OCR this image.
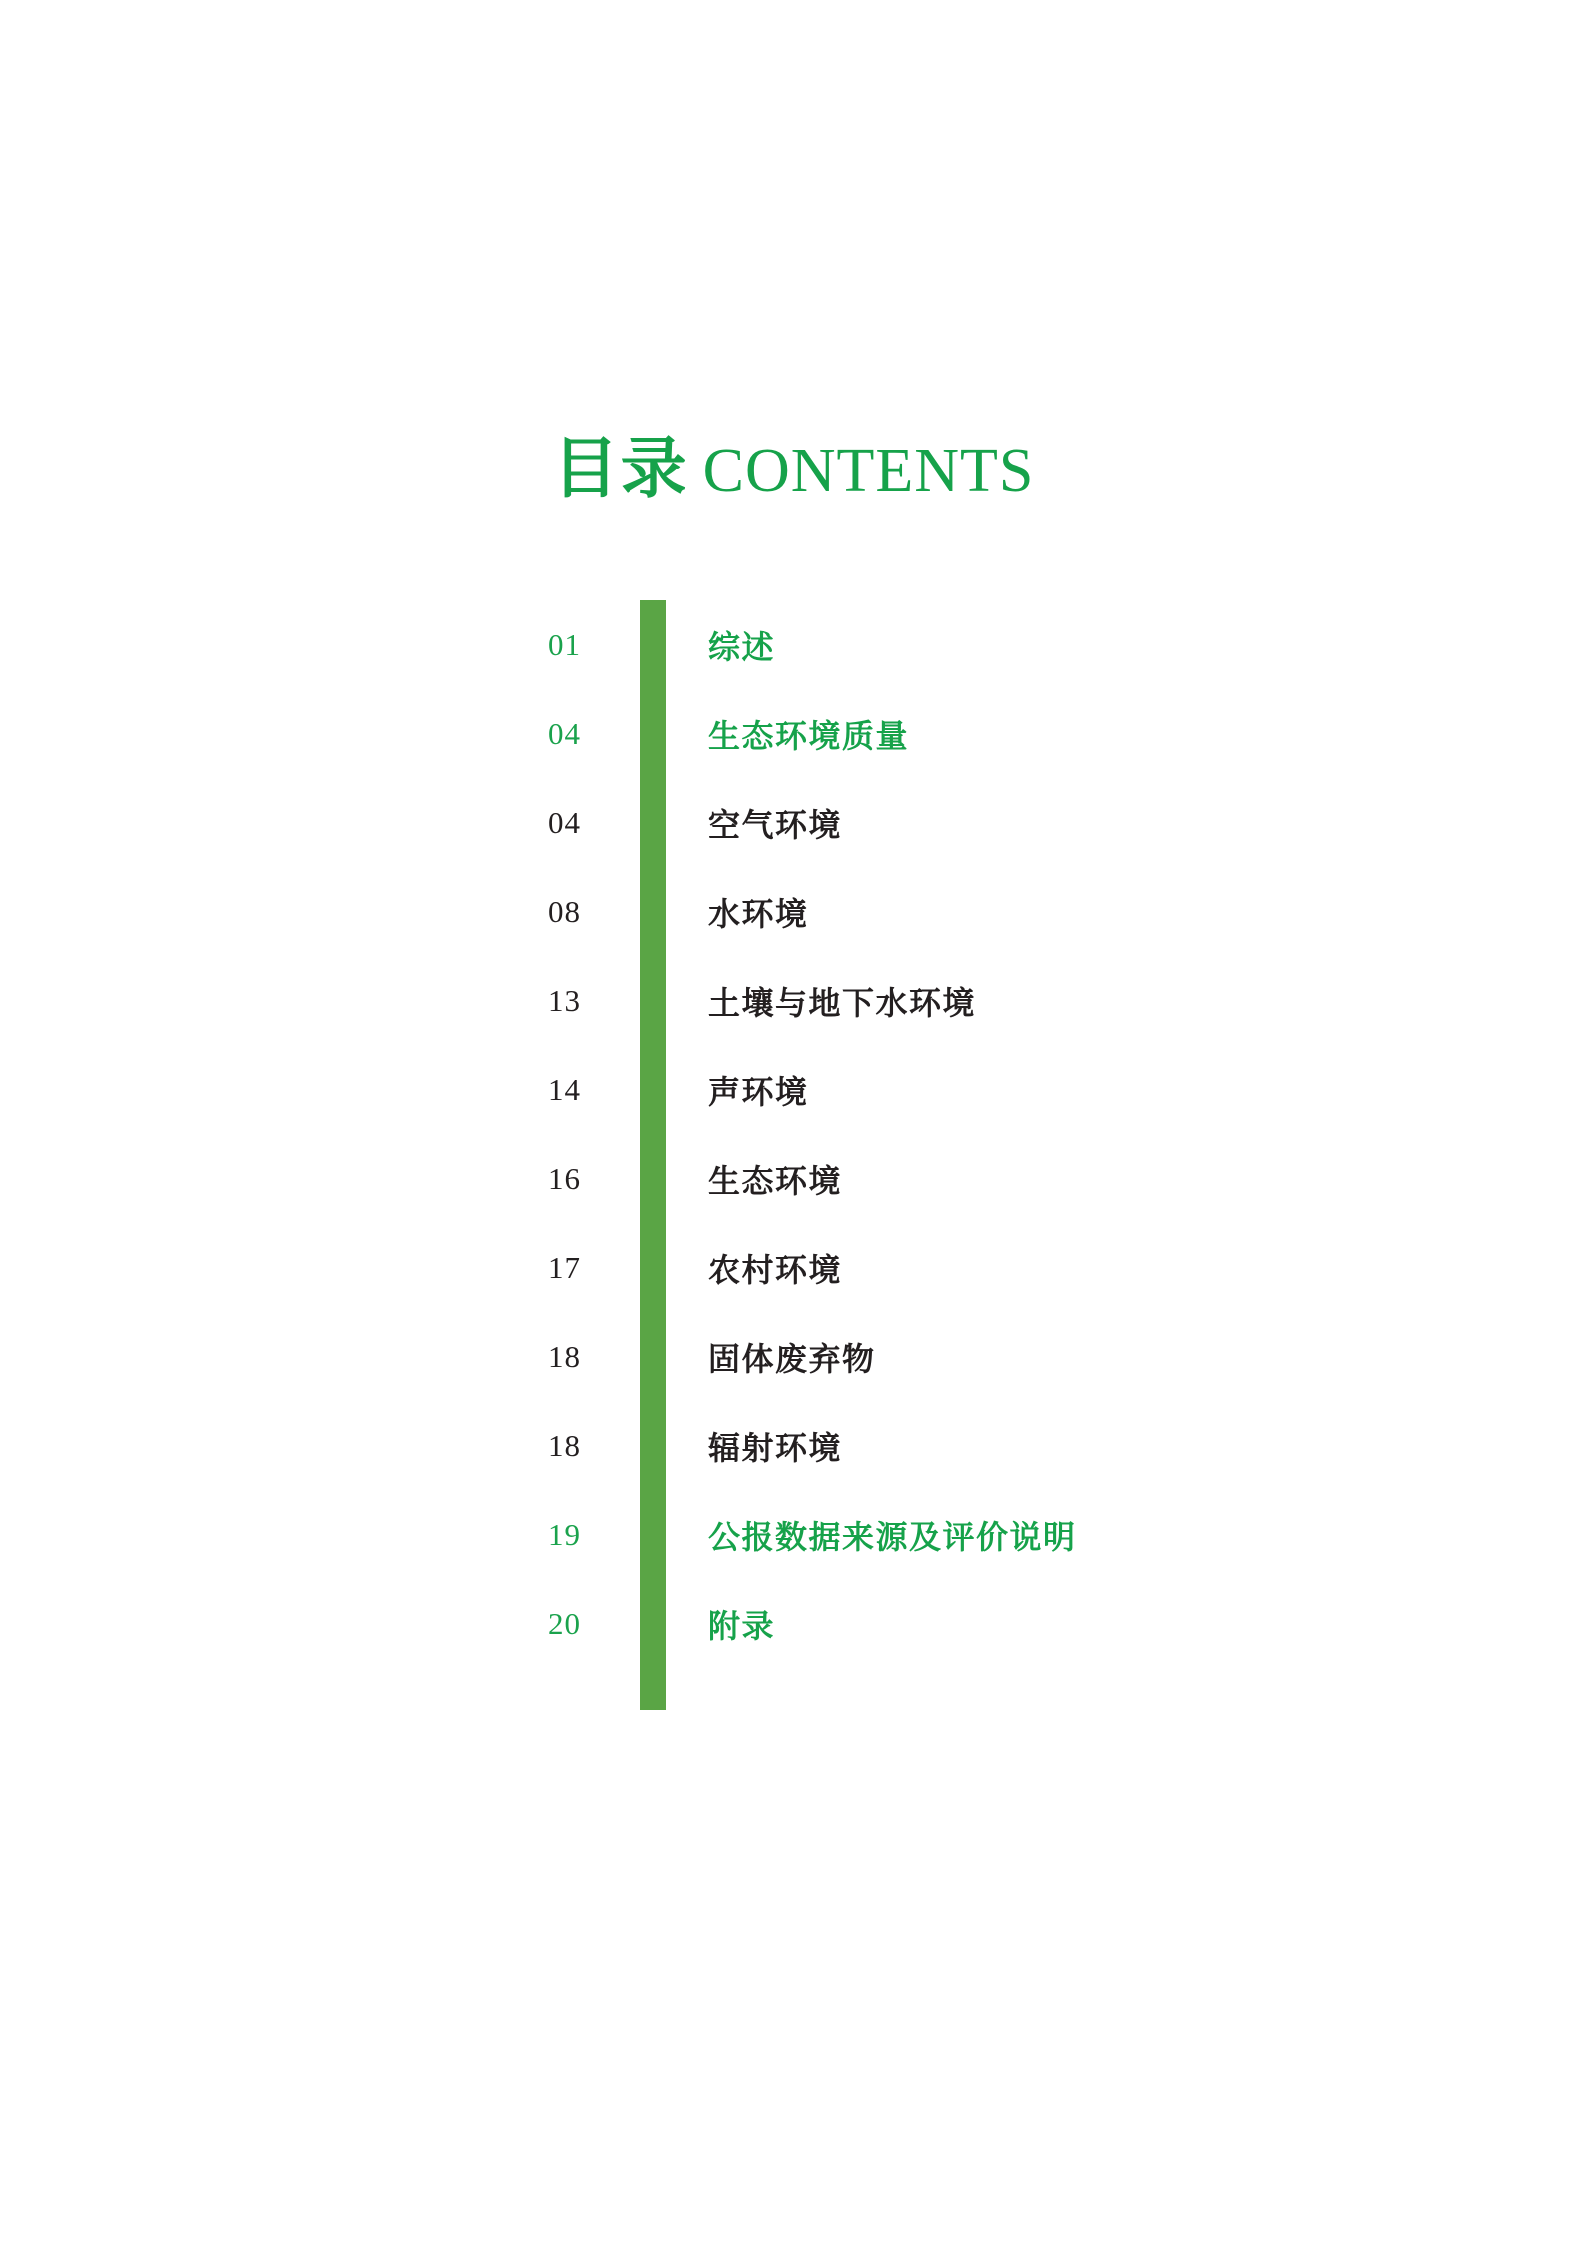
目录 CONTENTS
01	综述
04	生态环境质量
04	空气环境
08	水环境
13	土壤与地下水环境
14	声环境
16	生态环境
17	农村环境
18	固体废弃物
18	辐射环境
19	公报数据来源及评价说明
20	附录
